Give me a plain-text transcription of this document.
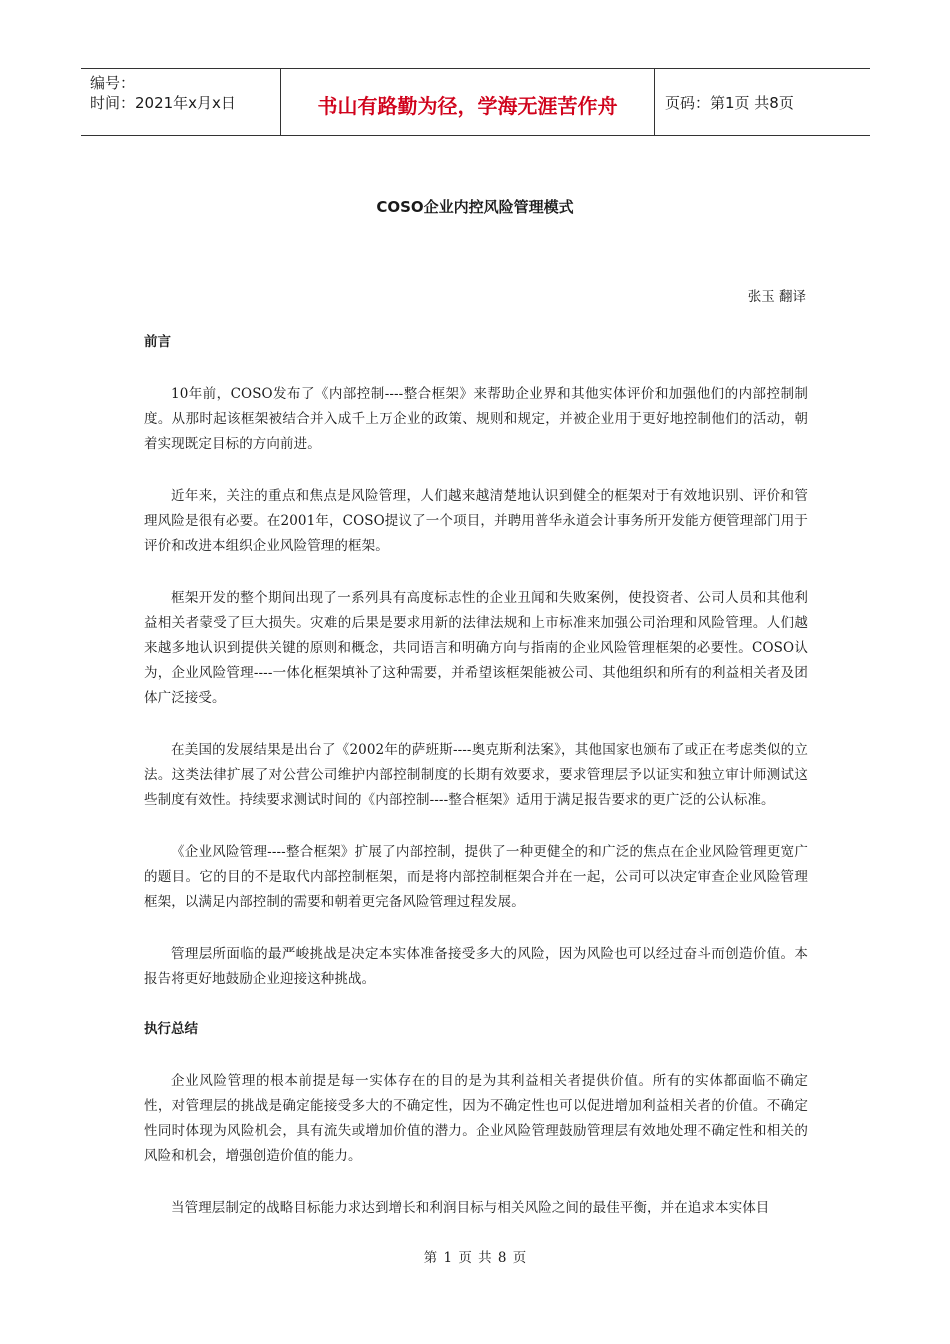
编号：
时间：2021年x月x日	书山有路勤为径，学海无涯苦作舟	页码：第1页 共8页
COSO企业内控风险管理模式
张玉 翻译

前言

10年前，COSO发布了《内部控制----整合框架》来帮助企业界和其他实体评价和加强他们的内部控制制度。从那时起该框架被结合并入成千上万企业的政策、规则和规定，并被企业用于更好地控制他们的活动，朝着实现既定目标的方向前进。

近年来，关注的重点和焦点是风险管理，人们越来越清楚地认识到健全的框架对于有效地识别、评价和管理风险是很有必要。在2001年，COSO提议了一个项目，并聘用普华永道会计事务所开发能方便管理部门用于评价和改进本组织企业风险管理的框架。

框架开发的整个期间出现了一系列具有高度标志性的企业丑闻和失败案例，使投资者、公司人员和其他利益相关者蒙受了巨大损失。灾难的后果是要求用新的法律法规和上市标准来加强公司治理和风险管理。人们越来越多地认识到提供关键的原则和概念，共同语言和明确方向与指南的企业风险管理框架的必要性。COSO认为，企业风险管理----一体化框架填补了这种需要，并希望该框架能被公司、其他组织和所有的利益相关者及团体广泛接受。

在美国的发展结果是出台了《2002年的萨班斯----奥克斯利法案》，其他国家也颁布了或正在考虑类似的立法。这类法律扩展了对公营公司维护内部控制制度的长期有效要求，要求管理层予以证实和独立审计师测试这些制度有效性。持续要求测试时间的《内部控制----整合框架》适用于满足报告要求的更广泛的公认标准。

《企业风险管理----整合框架》扩展了内部控制，提供了一种更健全的和广泛的焦点在企业风险管理更宽广的题目。它的目的不是取代内部控制框架，而是将内部控制框架合并在一起，公司可以决定审查企业风险管理框架，以满足内部控制的需要和朝着更完备风险管理过程发展。

管理层所面临的最严峻挑战是决定本实体准备接受多大的风险，因为风险也可以经过奋斗而创造价值。本报告将更好地鼓励企业迎接这种挑战。

执行总结

企业风险管理的根本前提是每一实体存在的目的是为其利益相关者提供价值。所有的实体都面临不确定性，对管理层的挑战是确定能接受多大的不确定性，因为不确定性也可以促进增加利益相关者的价值。不确定性同时体现为风险机会，具有流失或增加价值的潜力。企业风险管理鼓励管理层有效地处理不确定性和相关的风险和机会，增强创造价值的能力。

当管理层制定的战略目标能力求达到增长和利润目标与相关风险之间的最佳平衡，并在追求本实体目

第 1 页 共 8 页
